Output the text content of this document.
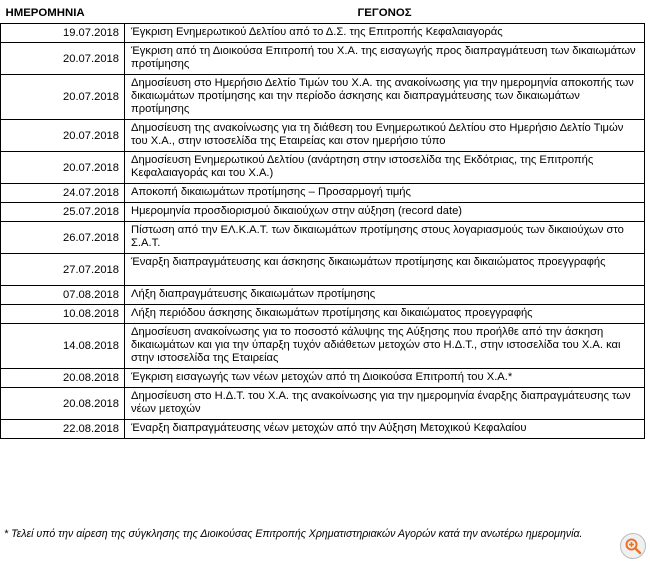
ΗΜΕΡΟΜΗΝΙΑ	ΓΕΓΟΝΟΣ
19.07.2018	Έγκριση Ενημερωτικού Δελτίου από το Δ.Σ. της Επιτροπής Κεφαλαιαγοράς
20.07.2018	Έγκριση από τη Διοικούσα Επιτροπή του Χ.Α. της εισαγωγής προς διαπραγμάτευση των δικαιωμάτων προτίμησης
20.07.2018	Δημοσίευση στο Ημερήσιο Δελτίο Τιμών του Χ.Α. της ανακοίνωσης για την ημερομηνία αποκοπής των δικαιωμάτων προτίμησης και την περίοδο άσκησης και διαπραγμάτευσης των δικαιωμάτων προτίμησης
20.07.2018	Δημοσίευση της ανακοίνωσης για τη διάθεση του Ενημερωτικού Δελτίου στο Ημερήσιο Δελτίο Τιμών του Χ.Α., στην ιστοσελίδα της Εταιρείας και στον ημερήσιο τύπο
20.07.2018	Δημοσίευση Ενημερωτικού Δελτίου (ανάρτηση στην ιστοσελίδα της Εκδότριας, της Επιτροπής Κεφαλαιαγοράς και του Χ.Α.)
24.07.2018	Αποκοπή δικαιωμάτων προτίμησης – Προσαρμογή τιμής
25.07.2018	Ημερομηνία προσδιορισμού δικαιούχων στην αύξηση (record date)
26.07.2018	Πίστωση από την ΕΛ.Κ.Α.Τ. των δικαιωμάτων προτίμησης στους λογαριασμούς των δικαιούχων στο Σ.Α.Τ.
27.07.2018	Έναρξη διαπραγμάτευσης και άσκησης δικαιωμάτων προτίμησης και δικαιώματος προεγγραφής
07.08.2018	Λήξη διαπραγμάτευσης δικαιωμάτων προτίμησης
10.08.2018	Λήξη περιόδου άσκησης δικαιωμάτων προτίμησης και δικαιώματος προεγγραφής
14.08.2018	Δημοσίευση ανακοίνωσης για το ποσοστό κάλυψης της Αύξησης που προήλθε από την άσκηση δικαιωμάτων και για την ύπαρξη τυχόν αδιάθετων μετοχών στο Η.Δ.Τ., στην ιστοσελίδα του Χ.Α. και στην ιστοσελίδα της Εταιρείας
20.08.2018	Έγκριση εισαγωγής των νέων μετοχών από τη Διοικούσα Επιτροπή του Χ.Α.*
20.08.2018	Δημοσίευση στο Η.Δ.Τ. του Χ.Α. της ανακοίνωσης για την ημερομηνία έναρξης διαπραγμάτευσης των νέων μετοχών
22.08.2018	Έναρξη διαπραγμάτευσης νέων μετοχών από την Αύξηση Μετοχικού Κεφαλαίου
* Τελεί υπό την αίρεση της σύγκλησης της Διοικούσας Επιτροπής Χρηματιστηριακών Αγορών κατά την ανωτέρω ημερομηνία.
